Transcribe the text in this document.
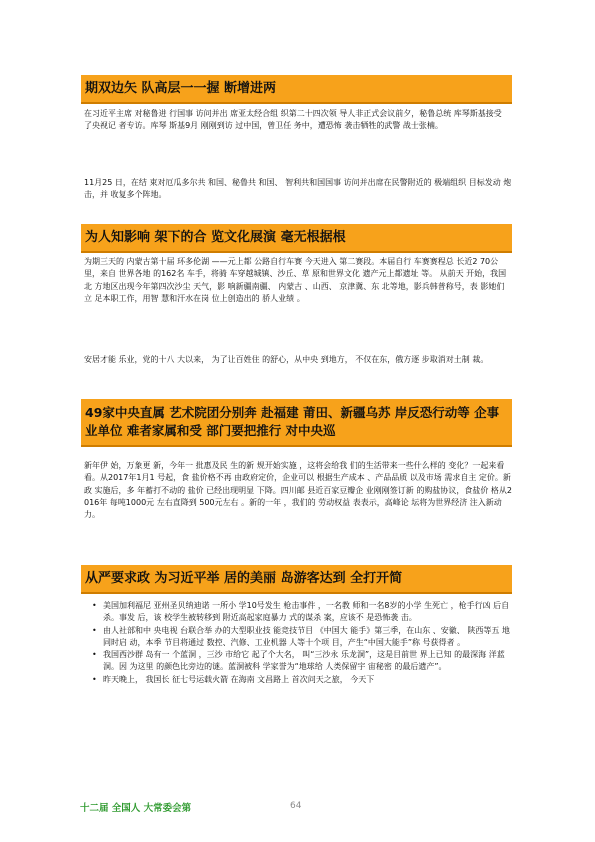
期双边矢 队高层一一握 断增进两

在习近平主席 对秘鲁进 行国事 访问并出 席亚太经合组 织第二十四次领 导人非正式会议前夕，秘鲁总统 库琴斯基接受 了央视记 者专访。库琴 斯基9月 刚刚到访 过中国，曾卫任 务中，遭恐怖 袭击牺牲的武警 战士张楠。

11月25 日，在结 束对厄瓜多尔共 和国、秘鲁共 和国、 智利共和国国事 访问并出席在民警附近的 极端组织 目标发动 炮击，并 收复多个阵地。

为人知影响 架下的合 览文化展演 毫无根据根

为期三天的 内蒙古第十届 环多伦湖 ——元上都 公路自行车赛 今天进入 第二赛段。本届自行 车赛赛程总 长近2 70公 里，来自 世界各地 的162名 车手，将骑 车穿越城镇、沙丘、草 原和世界文化 遗产元上都遗址 等。 从前天 开始，我国北 方地区出现今年第四次沙尘 天气，影 响新疆南疆、 内蒙古 、山西、 京津冀、东 北等地，影兵韩普称号，表 影她们立 足本职工作，用智 慧和汗水在岗 位上创造出的 骄人业绩 。

安居才能 乐业，党的十八 大以来， 为了让百姓住 的舒心，从中央 到地方， 不仅在东，俄方逐 步取消对土制 裁。

49家中央直属 艺术院团分别奔 赴福建 莆田、新疆乌苏 岸反恐行动等 企事业单位 难者家属和受 部门要把推行 对中央巡

新年伊 始，万象更 新，今年一 批惠及民 生的新 规开始实施 ，这将会给我 们的生活带来一些什么样的 变化？一起来看 看。从2017年1月1 号起，食 盐价格不再 由政府定价，企业可以 根据生产成本 、产品品质 以及市场 需求自主 定价。新政 实施后，多 年蓄打不动的 盐价 已经出现明显 下降。四川邮 县近百家豆瓣企 业刚刚签订新 的购盐协议，食盐价 格从2016年 每吨1000元 左右直降到 500元左右 。新的一年 ，我们的 劳动权益 表表示，高峰论 坛将为世界经济 注入新动 力。

从严要求政 为习近平举 居的美丽 岛游客达到 全打开简
• 美国加利福尼 亚州圣贝纳迪诺 一所小 学10号发生 枪击事件 ，一名教 师和一名8岁的小学 生死亡 ，枪手行凶 后自杀。事发 后，该 校学生被转移到 附近高起家庭暴力 式的谋杀 案，应该不 是恐怖袭 击。
• 由人社部和中 央电视 台联合举 办的大型职业技 能竞技节目 《中国大 能手》第三季，在山东 、安徽、 陕西等五 地同时启 动，本季 节目将通过 数控、汽修、工业机器 人等十个项 目，产生“中国大能手”称 号获得者 。
• 我国西沙群 岛有一 个蓝洞 ，三沙 市给它 起了个大名， 叫“三沙永 乐龙洞”，这是目前世 界上已知 的最深海 洋蓝洞。因 为这里 的颜色比旁边的谜。蓝洞被科 学家誉为“地球给 人类保留宇 宙秘密 的最后遗产”。
• 昨天晚上， 我国长 征七号运载火箭 在海南 文昌路上 首次问天之旅， 今天下
十二届 全国人 大常委会第	64
